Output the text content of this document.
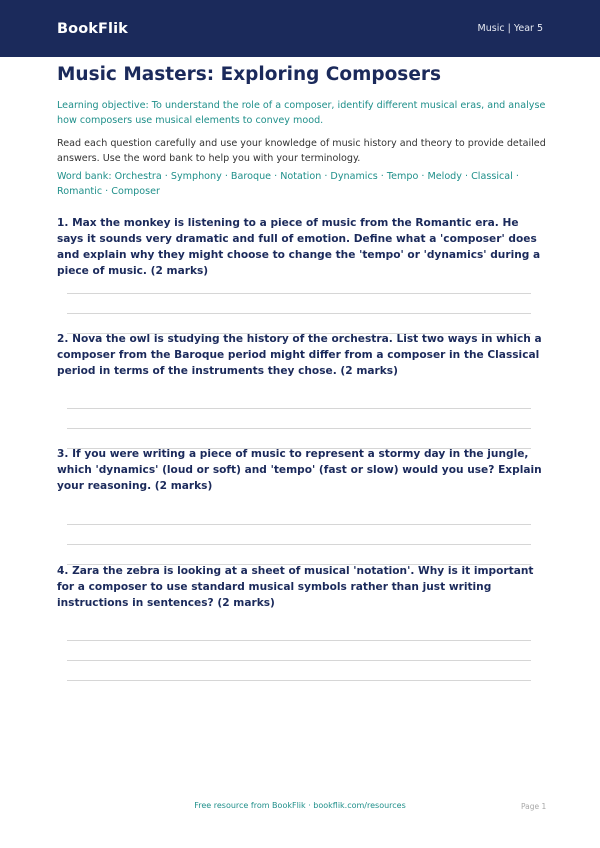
BookFlik	Music | Year 5
Music Masters: Exploring Composers
Learning objective: To understand the role of a composer, identify different musical eras, and analyse how composers use musical elements to convey mood.
Read each question carefully and use your knowledge of music history and theory to provide detailed answers. Use the word bank to help you with your terminology.
Word bank: Orchestra · Symphony · Baroque · Notation · Dynamics · Tempo · Melody · Classical · Romantic · Composer
1. Max the monkey is listening to a piece of music from the Romantic era. He says it sounds very dramatic and full of emotion. Define what a 'composer' does and explain why they might choose to change the 'tempo' or 'dynamics' during a piece of music. (2 marks)
2. Nova the owl is studying the history of the orchestra. List two ways in which a composer from the Baroque period might differ from a composer in the Classical period in terms of the instruments they chose. (2 marks)
3. If you were writing a piece of music to represent a stormy day in the jungle, which 'dynamics' (loud or soft) and 'tempo' (fast or slow) would you use? Explain your reasoning. (2 marks)
4. Zara the zebra is looking at a sheet of musical 'notation'. Why is it important for a composer to use standard musical symbols rather than just writing instructions in sentences? (2 marks)
Free resource from BookFlik · bookflik.com/resources	Page 1
